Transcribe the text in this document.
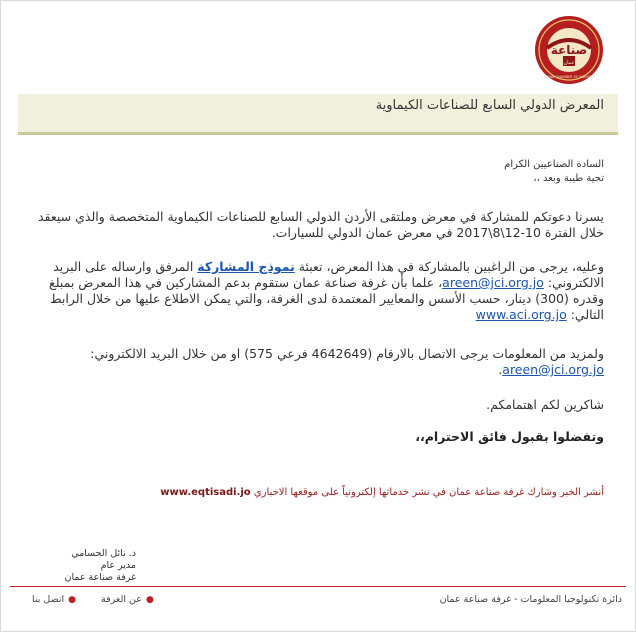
صناعة
عمان
AMMAN CHAMBER OF INDUSTRY
المعرض الدولي السابع للصناعات الكيماوية
السادة الصناعيين الكرام
تحية طيبة وبعد ،،
يسرنا دعوتكم للمشاركة في معرض وملتقى الأردن الدولي السابع للصناعات الكيماوية المتخصصة والذي سيعقد خلال الفترة 10-12\8\2017 في معرض عمان الدولي للسيارات.
وعليه، يرجى من الراغبين بالمشاركة في هذا المعرض، تعبئة نموذج المشاركة المرفق وارساله على البريد الالكتروني: areen@jci.org.jo، علما بأن غرفة صناعة عمان ستقوم بدعم المشاركين في هذا المعرض بمبلغ وقدره (300) دينار، حسب الأسس والمعايير المعتمدة لدى الغرفة، والتي يمكن الاطلاع عليها من خلال الرابط التالي: www.aci.org.jo
ولمزيد من المعلومات يرجى الاتصال بالارقام (4642649 فرعي 575) او من خلال البريد الالكتروني: areen@jci.org.jo.
شاكرين لكم اهتمامكم.
وتفضلوا بقبول فائق الاحترام،،
أنشر الخبر وشارك غرفة صناعة عمان في نشر خدماتها إلكترونياً على موقعها الاخباري www.eqtisadi.jo
د. نائل الحسامي
مدير عام
غرفة صناعة عمان
دائرة تكنولوجيا المعلومات - غرفة صناعة عمان
●عن الغرفة ●اتصل بنا
